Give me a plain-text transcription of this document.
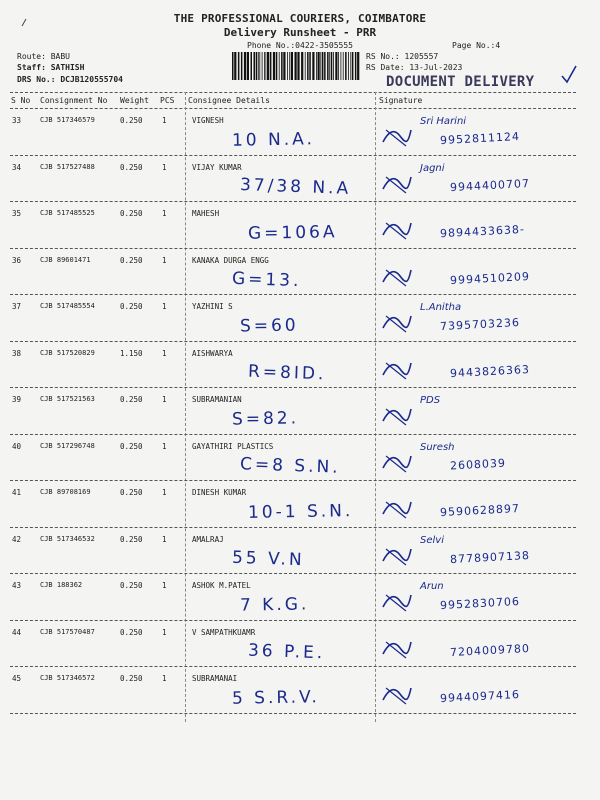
THE PROFESSIONAL COURIERS, COIMBATORE
Delivery Runsheet - PRR
Phone No.:0422-3505555	Page No.:4
Route: BABU
Staff: SATHISH
DRS No.: DCJB120555704
RS No.: 1205557
RS Date: 13-Jul-2023
DOCUMENT DELIVERY
S No Consignment No Weight PCS Consignee Details	Signature
33	CJB 517346579	0.250	1	VIGNESH
10 N.A.	9952811124
Sri Harini
34	CJB 517527488	0.250	1	VIJAY KUMAR
37/38 N.A	9944400707
Jagni
35	CJB 517485525	0.250	1	MAHESH
G=106A	9894433638-
36	CJB 89601471	0.250	1	KANAKA DURGA ENGG
G=13.	9994510209
37	CJB 517485554	0.250	1	YAZHINI S
S=60	7395703236
L.Anitha
38	CJB 517520829	1.150	1	AISHWARYA
R=8ID.	9443826363
39	CJB 517521563	0.250	1	SUBRAMANIAN
S=82.
PDS
40	CJB 517296748	0.250	1	GAYATHIRI PLASTICS
C=8 S.N.	2608039
Suresh
41	CJB 89708169	0.250	1	DINESH KUMAR
10-1 S.N.	9590628897
42	CJB 517346532	0.250	1	AMALRAJ
55 V.N	8778907138
Selvi
43	CJB 188362	0.250	1	ASHOK M.PATEL
7 K.G.	9952830706
Arun
44	CJB 517570487	0.250	1	V SAMPATHKUAMR
36 P.E.	7204009780
45	CJB 517346572	0.250	1	SUBRAMANAI
5 S.R.V.	9944097416
